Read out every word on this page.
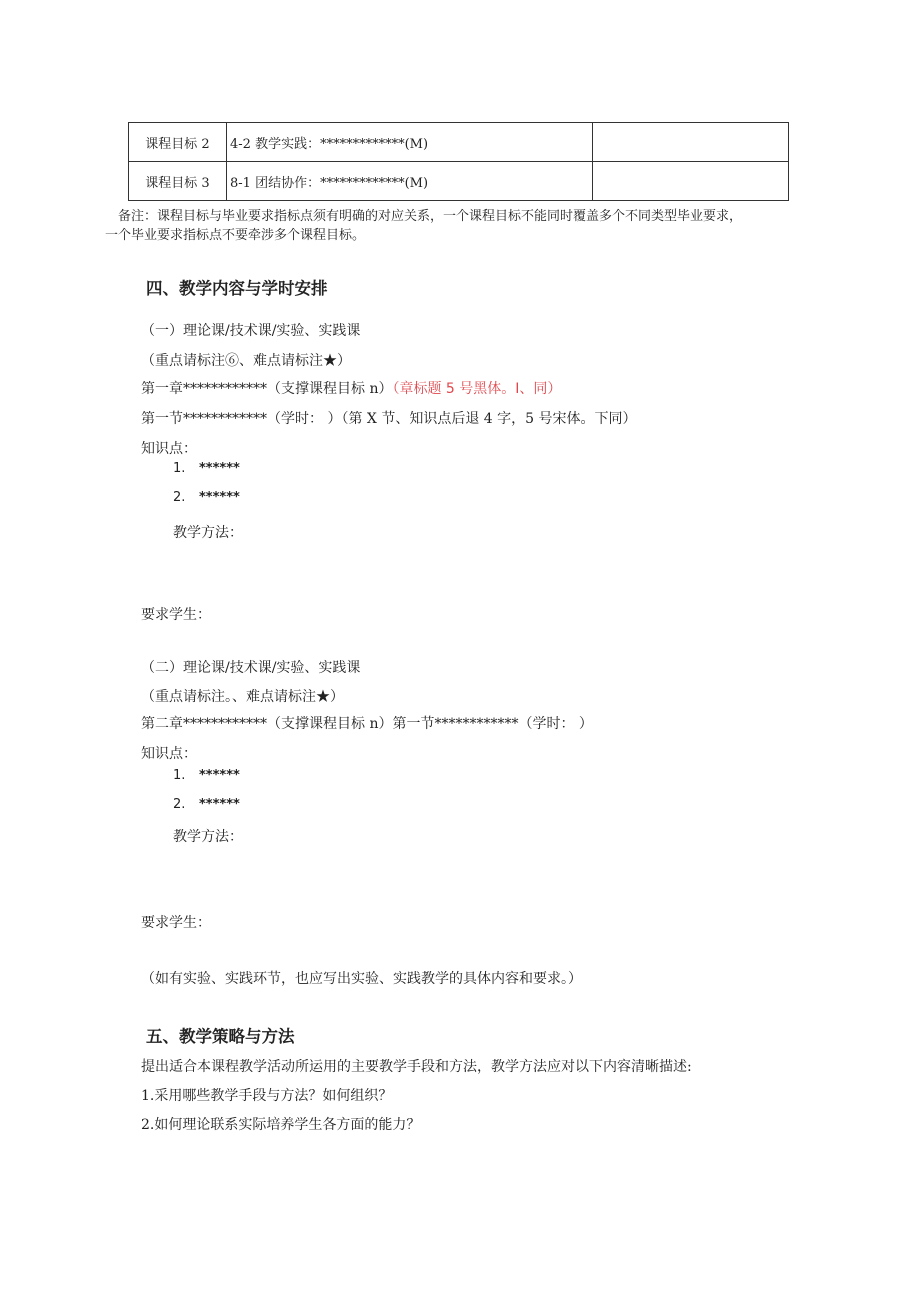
课程目标 2	4-2 教学实践：*************(M)	
课程目标 3	8-1 团结协作：*************(M)	
备注：课程目标与毕业要求指标点须有明确的对应关系，一个课程目标不能同时覆盖多个不同类型毕业要求，
一个毕业要求指标点不要牵涉多个课程目标。
四、教学内容与学时安排
（一）理论课/技术课/实验、实践课
（重点请标注⑥、难点请标注★）
第一章************（支撑课程目标 n）（章标题 5 号黑体。I、同）
第一节************（学时： ）（第 X 节、知识点后退 4 字，5 号宋体。下同）
知识点：
1. ******
2. ******
教学方法：
要求学生：
（二）理论课/技术课/实验、实践课
（重点请标注。、难点请标注★）
第二章************（支撑课程目标 n）第一节************（学时： ）
知识点：
1. ******
2. ******
教学方法：
要求学生：
（如有实验、实践环节，也应写出实验、实践教学的具体内容和要求。）
五、教学策略与方法
提出适合本课程教学活动所运用的主要教学手段和方法，教学方法应对以下内容清晰描述:
1.采用哪些教学手段与方法？如何组织？
2.如何理论联系实际培养学生各方面的能力？
